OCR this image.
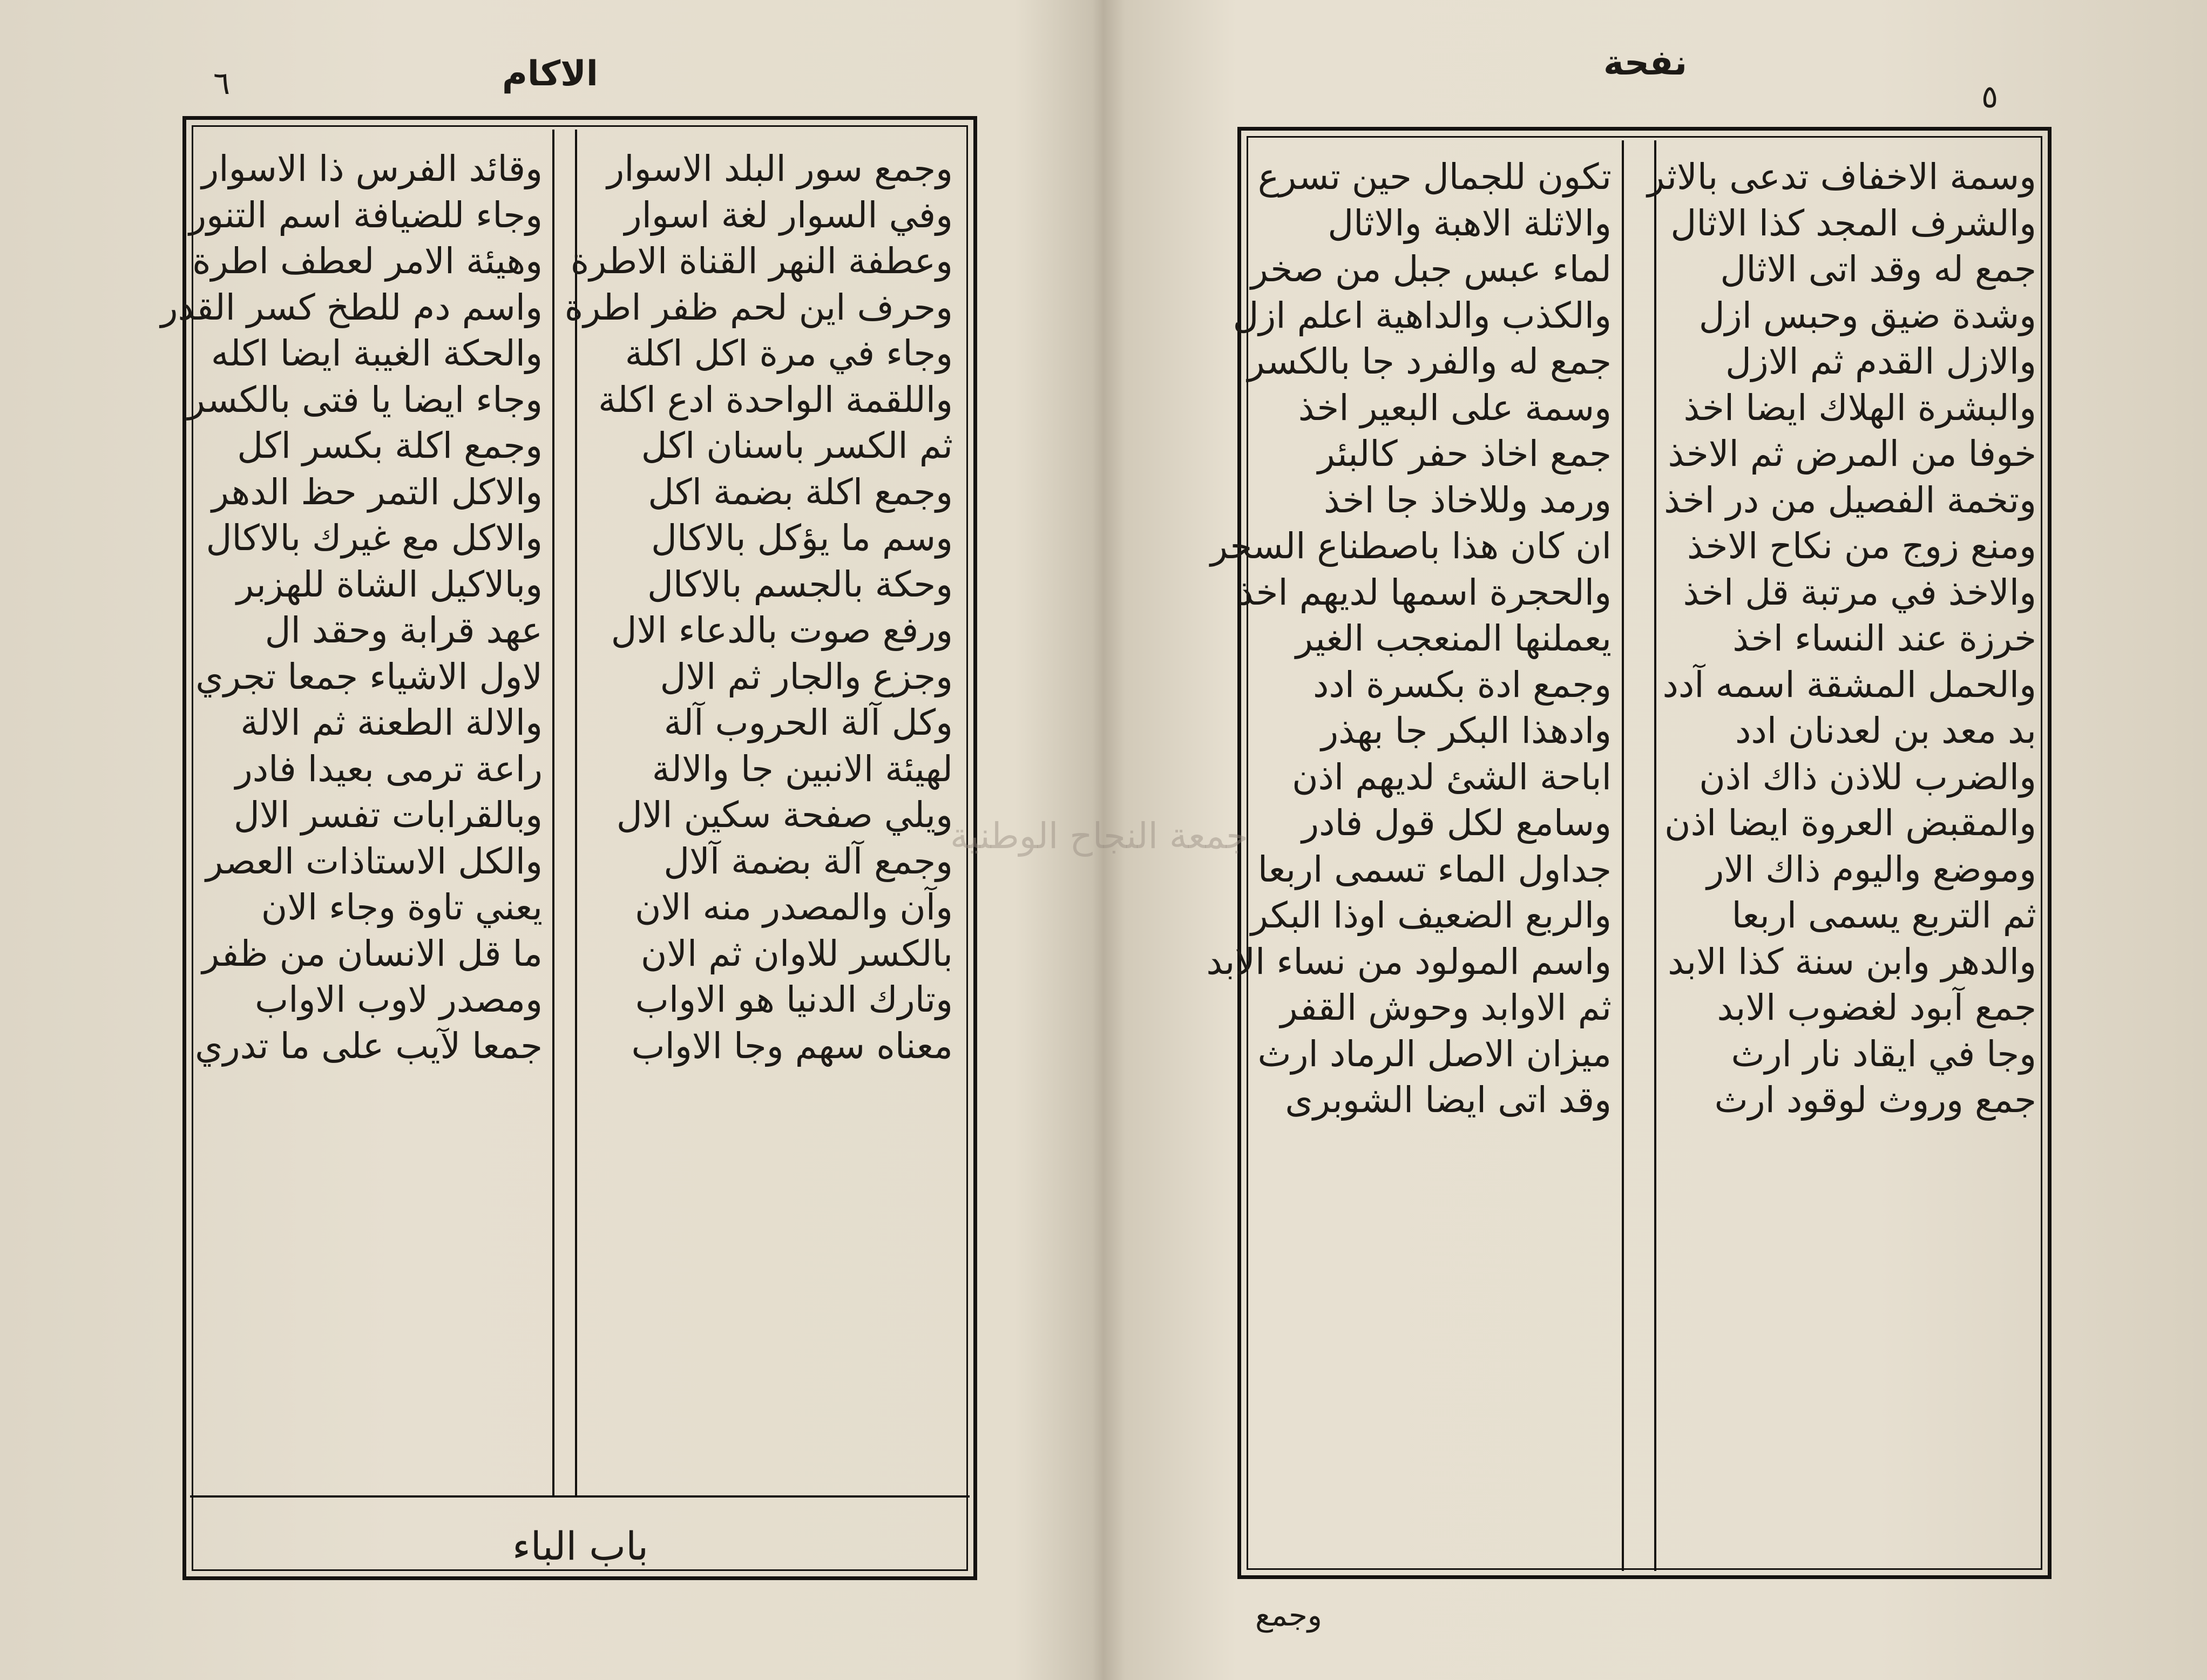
٦	الاكام
وجمع سور البلد الاسوار
وفي السوار لغة اسوار
وعطفة النهر القناة الاطرة
وحرف اين لحم ظفر اطرة
وجاء في مرة اكل اكلة
واللقمة الواحدة ادع اكلة
ثم الكسر باسنان اكل
وجمع اكلة بضمة اكل
وسم ما يؤكل بالاكال
وحكة بالجسم بالاكال
ورفع صوت بالدعاء الال
وجزع والجار ثم الال
وكل آلة الحروب آلة
لهيئة الانبين جا والالة
ويلي صفحة سكين الال
وجمع آلة بضمة آلال
وآن والمصدر منه الان
بالكسر للاوان ثم الان
وتارك الدنيا هو الاواب
معناه سهم وجا الاواب
وقائد الفرس ذا الاسوار
وجاء للضيافة اسم التنور
وهيئة الامر لعطف اطرة
واسم دم للطخ كسر القدر
والحكة الغيبة ايضا اكله
وجاء ايضا يا فتى بالكسر
وجمع اكلة بكسر اكل
والاكل التمر حظ الدهر
والاكل مع غيرك بالاكال
وبالاكيل الشاة للهزبر
عهد قرابة وحقد ال
لاول الاشياء جمعا تجري
والالة الطعنة ثم الالة
راعة ترمى بعيدا فادر
وبالقرابات تفسر الال
والكل الاستاذات العصر
يعني تاوة وجاء الان
ما قل الانسان من ظفر
ومصدر لاوب الاواب
جمعا لآيب على ما تدري
باب الباء
نفحة
٥
وسمة الاخفاف تدعى بالاثر
والشرف المجد كذا الاثال
جمع له وقد اتى الاثال
وشدة ضيق وحبس ازل
والازل القدم ثم الازل
والبشرة الهلاك ايضا اخذ
خوفا من المرض ثم الاخذ
وتخمة الفصيل من در اخذ
ومنع زوج من نكاح الاخذ
والاخذ في مرتبة قل اخذ
خرزة عند النساء اخذ
والحمل المشقة اسمه آدد
بد معد بن لعدنان ادد
والضرب للاذن ذاك اذن
والمقبض العروة ايضا اذن
وموضع واليوم ذاك الار
ثم التربع يسمى اربعا
والدهر وابن سنة كذا الابد
جمع آبود لغضوب الابد
وجا في ايقاد نار ارث
جمع وروث لوقود ارث
تكون للجمال حين تسرع
والاثلة الاهبة والاثال
لماء عبس جبل من صخر
والكذب والداهية اعلم ازل
جمع له والفرد جا بالكسر
وسمة على البعير اخذ
جمع اخاذ حفر كالبئر
ورمد وللاخاذ جا اخذ
ان كان هذا باصطناع السحر
والحجرة اسمها لديهم اخذ
يعملنها المنعجب الغير
وجمع ادة بكسرة ادد
وادهذا البكر جا بهذر
اباحة الشئ لديهم اذن
وسامع لكل قول فادر
جداول الماء تسمى اربعا
والربع الضعيف اوذا البكر
واسم المولود من نساء الابد
ثم الاوابد وحوش القفر
ميزان الاصل الرماد ارث
وقد اتى ايضا الشوبرى
وجمع
جمعة النجاح الوطنية
